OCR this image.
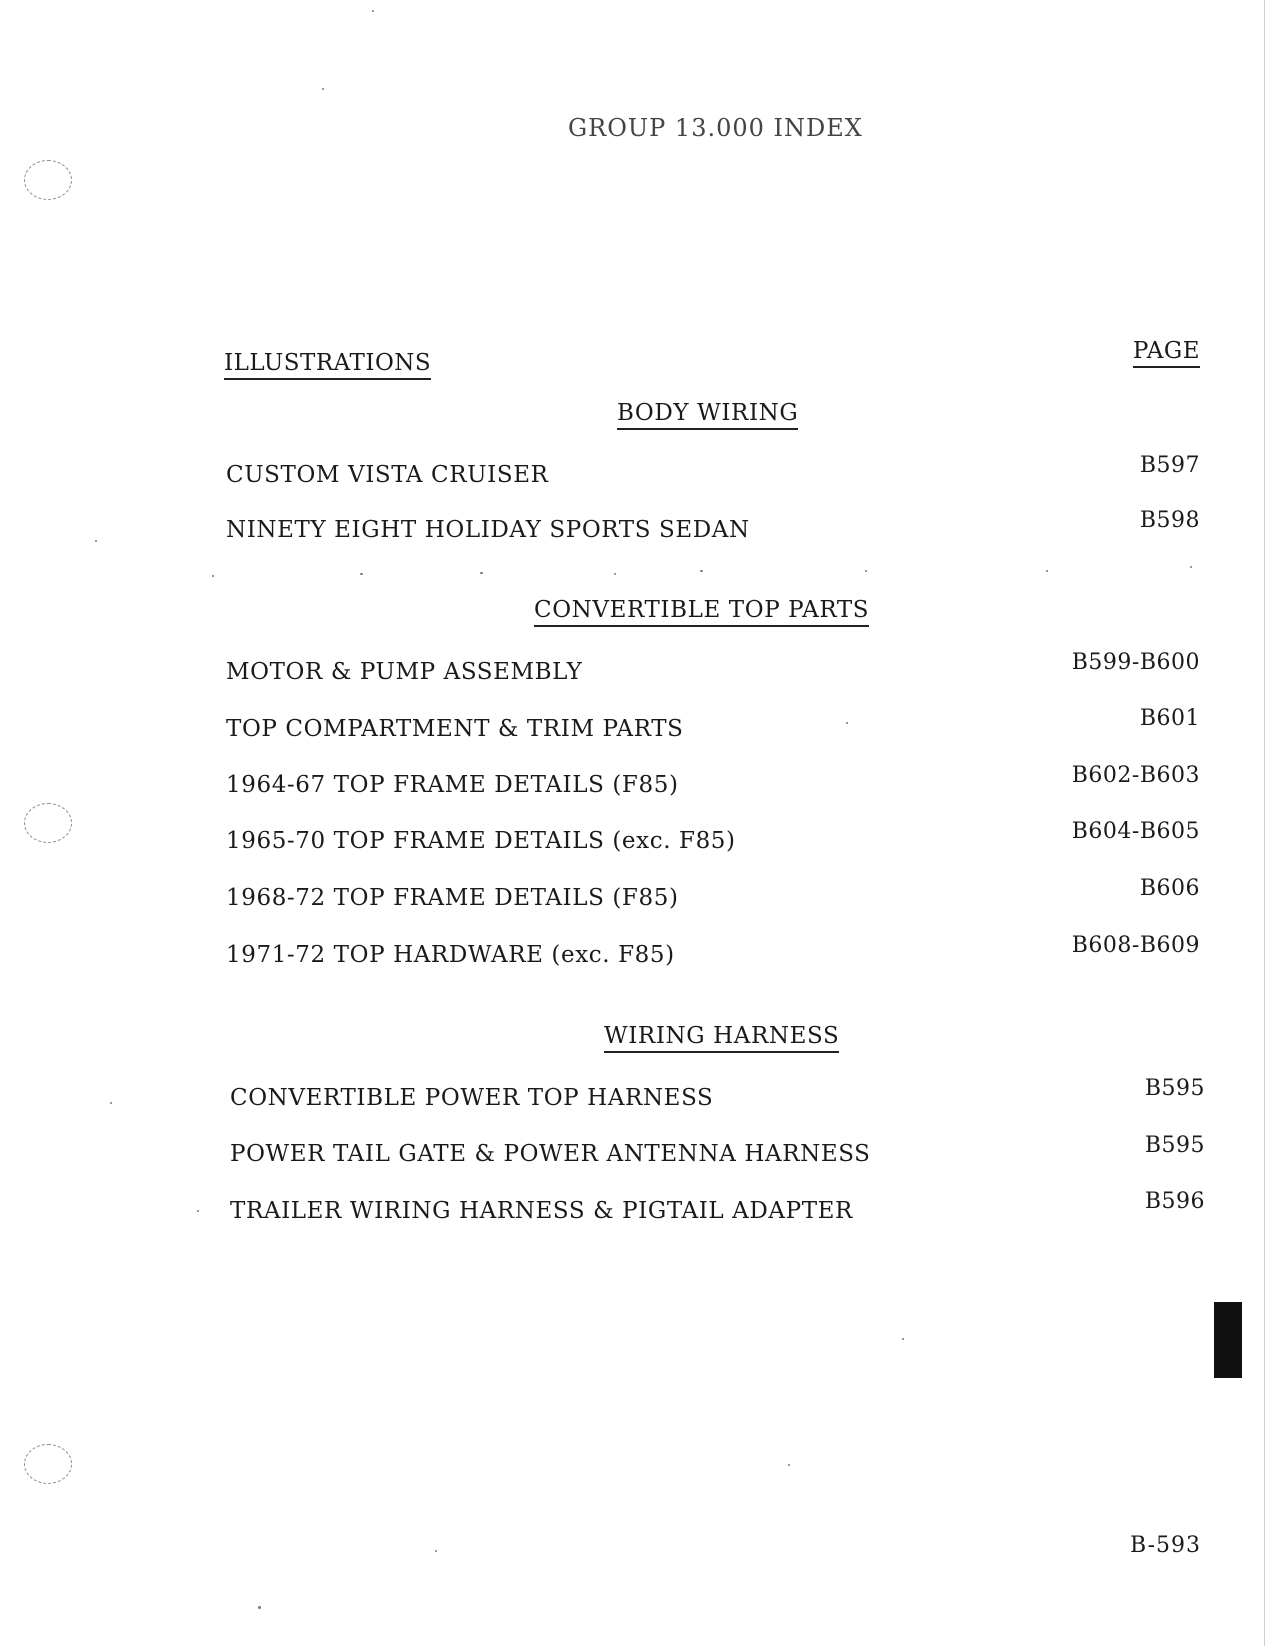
GROUP 13.000 INDEX
ILLUSTRATIONS	PAGE
BODY WIRING
CUSTOM VISTA CRUISER	B597
NINETY EIGHT HOLIDAY SPORTS SEDAN	B598
CONVERTIBLE TOP PARTS
MOTOR & PUMP ASSEMBLY	B599-B600
TOP COMPARTMENT & TRIM PARTS	B601
1964-67 TOP FRAME DETAILS (F85)	B602-B603
1965-70 TOP FRAME DETAILS (exc. F85)	B604-B605
1968-72 TOP FRAME DETAILS (F85)	B606
1971-72 TOP HARDWARE (exc. F85)	B608-B609
WIRING HARNESS
CONVERTIBLE POWER TOP HARNESS	B595
POWER TAIL GATE & POWER ANTENNA HARNESS	B595
TRAILER WIRING HARNESS & PIGTAIL ADAPTER	B596
B-593
